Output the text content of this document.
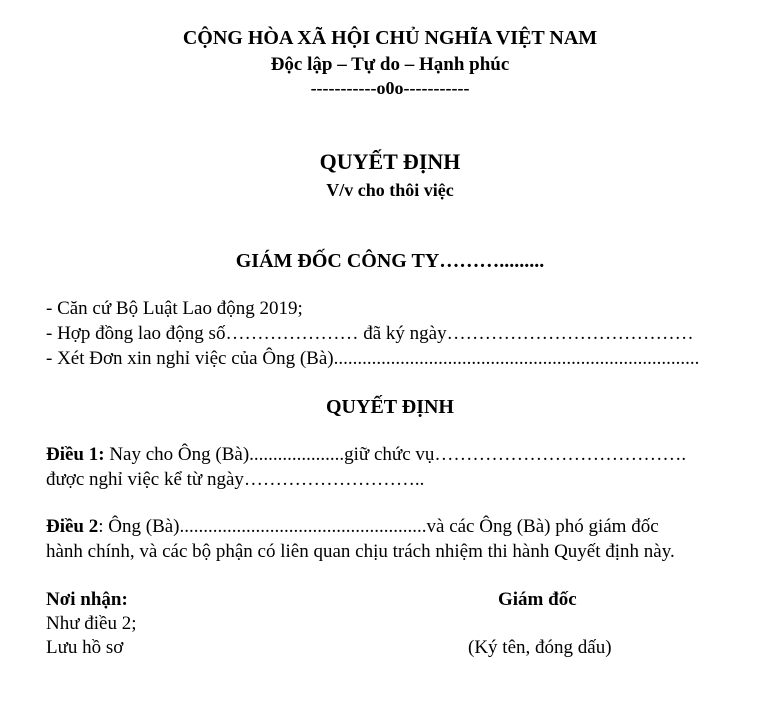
CỘNG HÒA XÃ HỘI CHỦ NGHĨA VIỆT NAM
Độc lập – Tự do – Hạnh phúc
-----------o0o-----------
QUYẾT ĐỊNH
V/v cho thôi việc
GIÁM ĐỐC CÔNG TY……….........
- Căn cứ Bộ Luật Lao động 2019;
- Hợp đồng lao động số………………… đã ký ngày…………………………………
- Xét Đơn xin nghỉ việc của Ông (Bà).............................................................................
QUYẾT ĐỊNH
Điều 1: Nay cho Ông (Bà)....................giữ chức vụ………………………………….
được nghỉ việc kể từ ngày………………………..
Điều 2: Ông (Bà)....................................................và các Ông (Bà) phó giám đốc
hành chính, và các bộ phận có liên quan chịu trách nhiệm thi hành Quyết định này.
Nơi nhận:
Như điều 2;
Lưu hồ sơ
Giám đốc
(Ký tên, đóng dấu)
